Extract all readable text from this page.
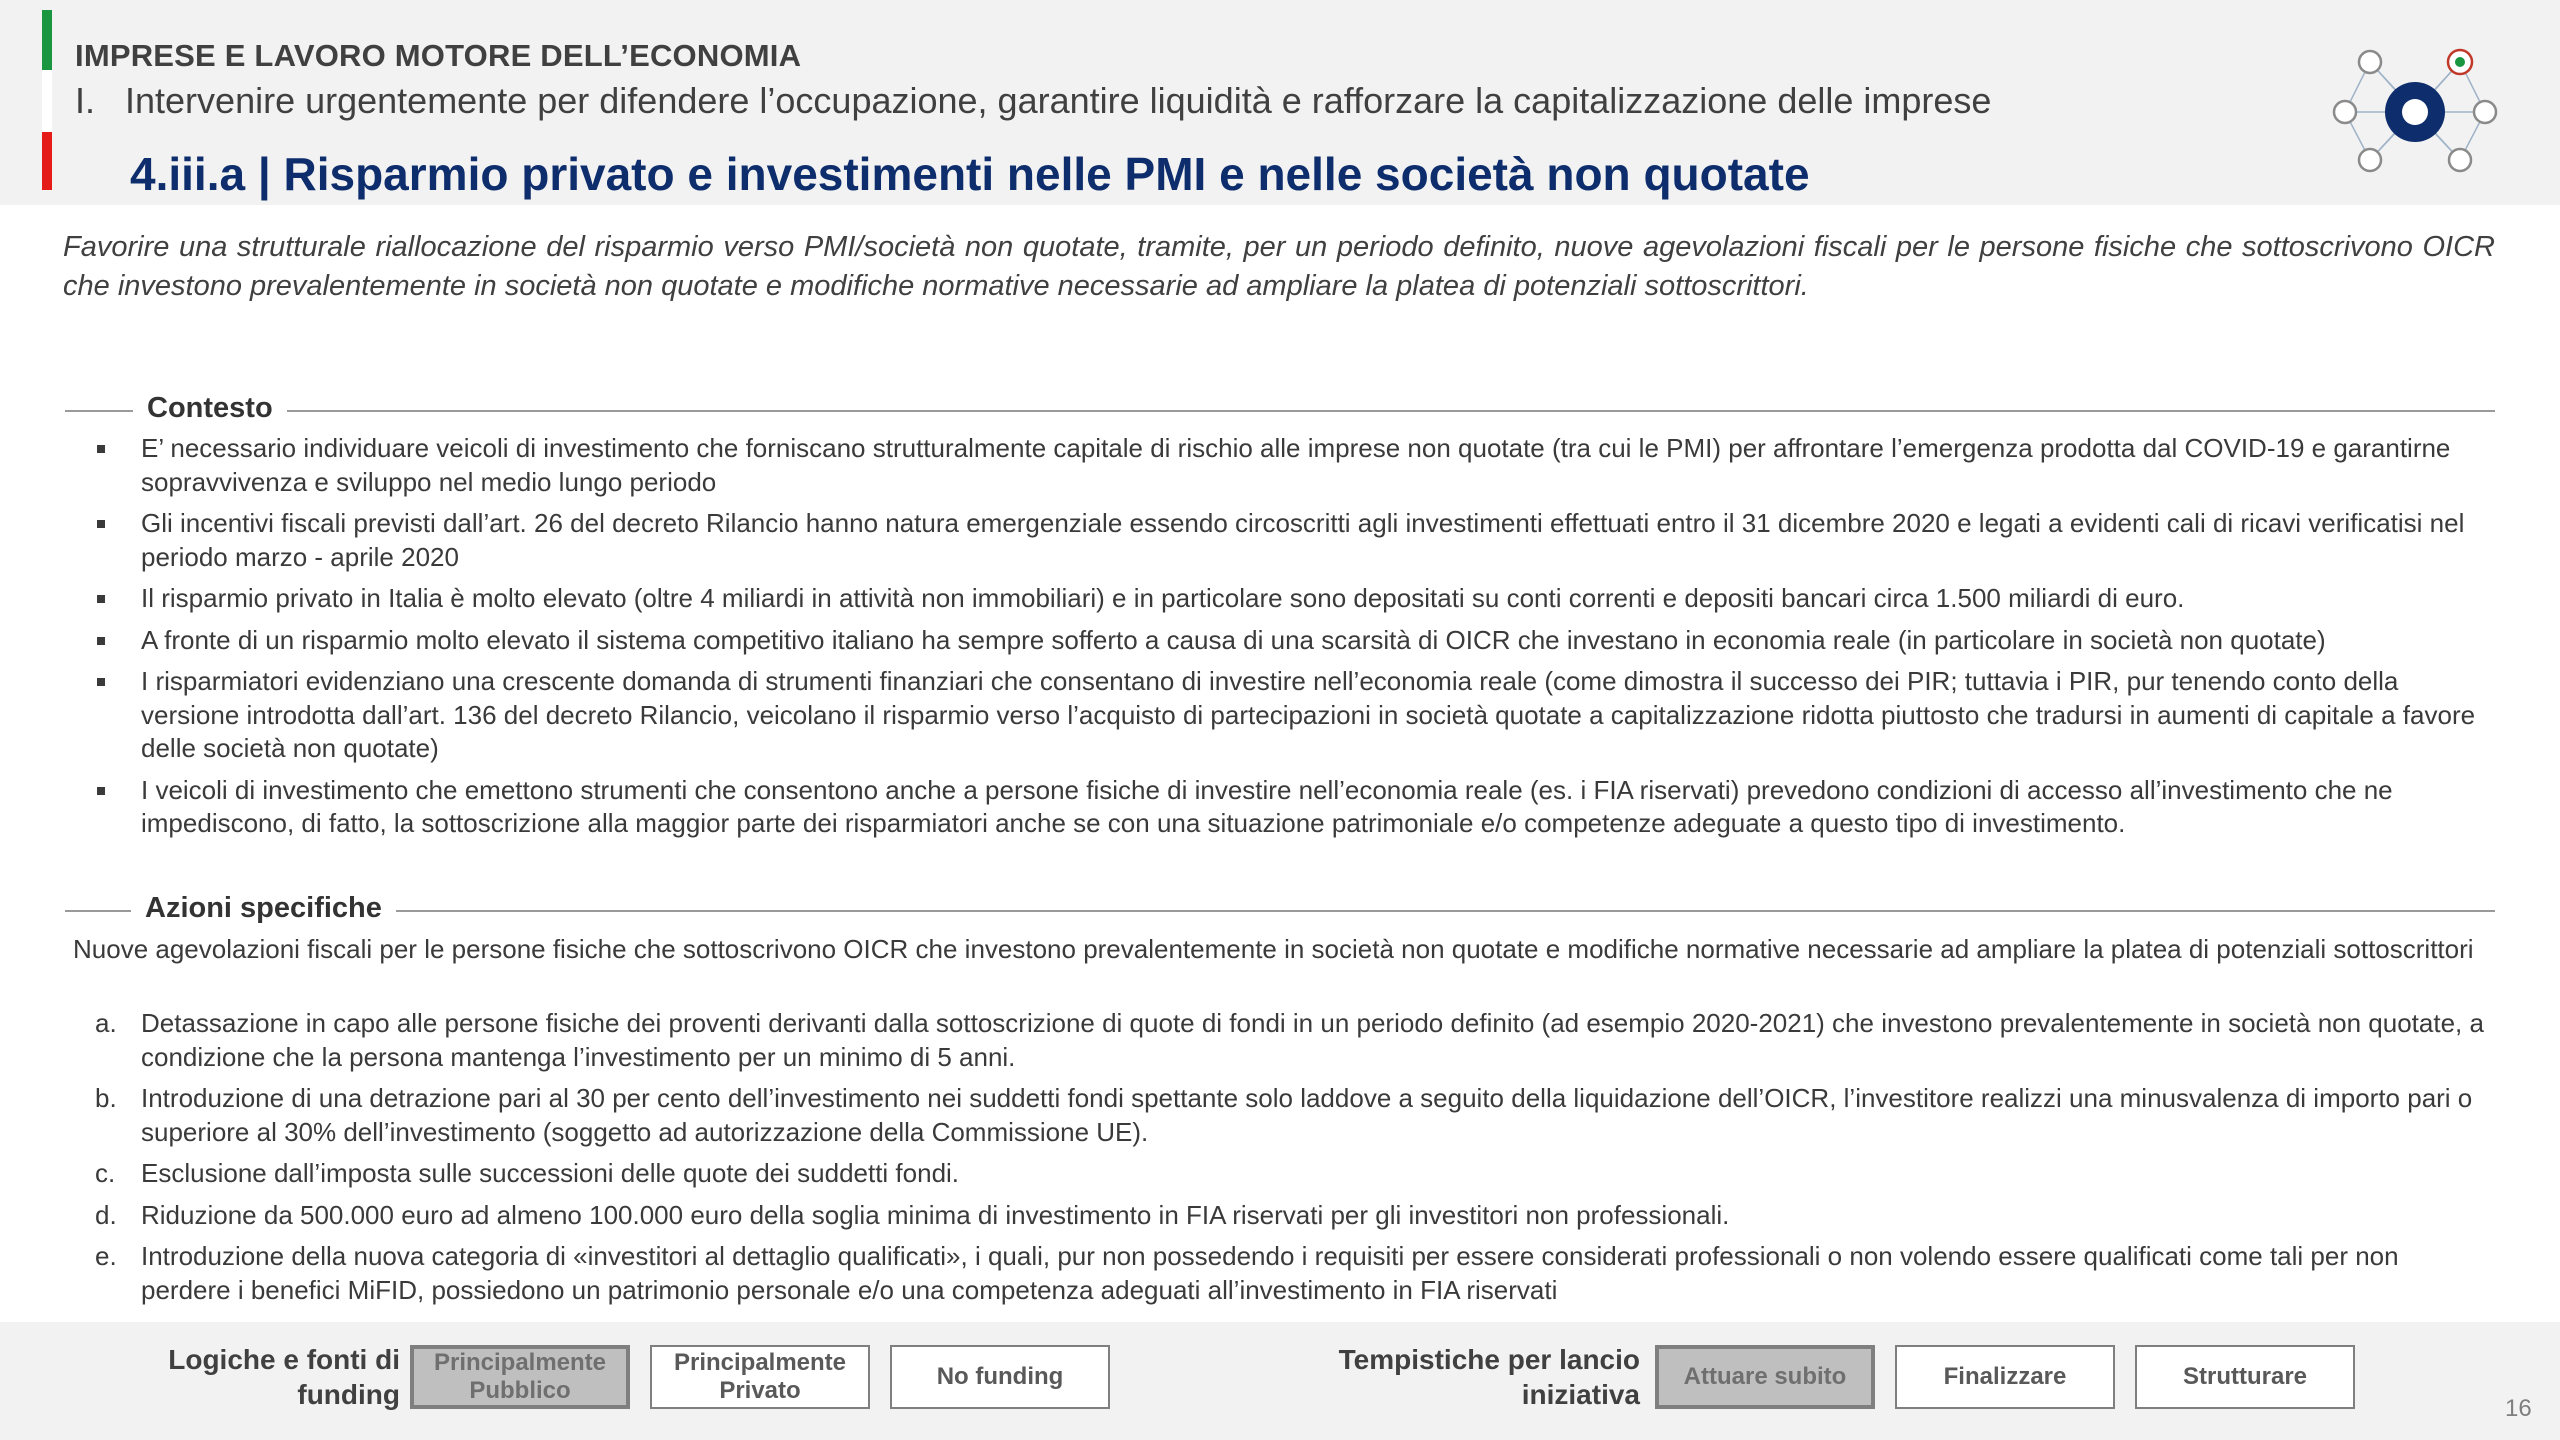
IMPRESE E LAVORO MOTORE DELL’ECONOMIA
I.   Intervenire urgentemente per difendere l’occupazione, garantire liquidità e rafforzare la capitalizzazione delle imprese
4.iii.a | Risparmio privato e investimenti nelle PMI e nelle società non quotate
Favorire una strutturale riallocazione del risparmio verso PMI/società non quotate, tramite, per un periodo definito, nuove agevolazioni fiscali per le persone fisiche che sottoscrivono OICR che investono prevalentemente in società non quotate e modifiche normative necessarie ad ampliare la platea di potenziali sottoscrittori.
Contesto
E’ necessario individuare veicoli di investimento che forniscano strutturalmente capitale di rischio alle imprese non quotate (tra cui le PMI) per affrontare l’emergenza prodotta dal COVID-19 e garantirne sopravvivenza e sviluppo nel medio lungo periodo
Gli incentivi fiscali previsti dall’art. 26 del decreto Rilancio hanno natura emergenziale essendo circoscritti agli investimenti effettuati entro il 31 dicembre 2020 e legati a evidenti cali di ricavi verificatisi nel periodo marzo - aprile 2020
Il risparmio privato in Italia è molto elevato (oltre 4 miliardi in attività non immobiliari) e in particolare sono depositati su conti correnti e depositi bancari circa 1.500 miliardi di euro.
A fronte di un risparmio molto elevato il sistema competitivo italiano ha sempre sofferto a causa di una scarsità di OICR che investano in economia reale (in particolare in società non quotate)
I risparmiatori evidenziano una crescente domanda di strumenti finanziari che consentano di investire nell’economia reale (come dimostra il successo dei PIR; tuttavia i PIR, pur tenendo conto della versione introdotta dall’art. 136 del decreto Rilancio, veicolano il risparmio verso l’acquisto di partecipazioni in società quotate a capitalizzazione ridotta piuttosto che tradursi in aumenti di capitale a favore delle società non quotate)
I veicoli di investimento che emettono strumenti che consentono anche a persone fisiche di investire nell’economia reale (es. i FIA riservati) prevedono condizioni di accesso all’investimento che ne impediscono, di fatto, la sottoscrizione alla maggior parte dei risparmiatori anche se con una situazione patrimoniale e/o competenze adeguate a questo tipo di investimento.
Azioni specifiche
Nuove agevolazioni fiscali per le persone fisiche che sottoscrivono OICR che investono prevalentemente in società non quotate e modifiche normative necessarie ad ampliare la platea di potenziali sottoscrittori
a. Detassazione in capo alle persone fisiche dei proventi derivanti dalla sottoscrizione di quote di fondi in un periodo definito (ad esempio 2020-2021) che investono prevalentemente in società non quotate, a condizione che la persona mantenga l’investimento per un minimo di 5 anni.
b. Introduzione di una detrazione pari al 30 per cento dell’investimento nei suddetti fondi spettante solo laddove a seguito della liquidazione dell’OICR, l’investitore realizzi una minusvalenza di importo pari o superiore al 30% dell’investimento (soggetto ad autorizzazione della Commissione UE).
c. Esclusione dall’imposta sulle successioni delle quote dei suddetti fondi.
d. Riduzione da 500.000 euro ad almeno 100.000 euro della soglia minima di investimento in FIA riservati per gli investitori non professionali.
e. Introduzione della nuova categoria di «investitori al dettaglio qualificati», i quali, pur non possedendo i requisiti per essere considerati professionali o non volendo essere qualificati come tali per non perdere i benefici MiFID, possiedono un patrimonio personale e/o una competenza adeguati all’investimento in FIA riservati
Logiche e fonti di funding
Principalmente Pubblico
Principalmente Privato
No funding
Tempistiche per lancio iniziativa
Attuare subito	Finalizzare	Strutturare
16
